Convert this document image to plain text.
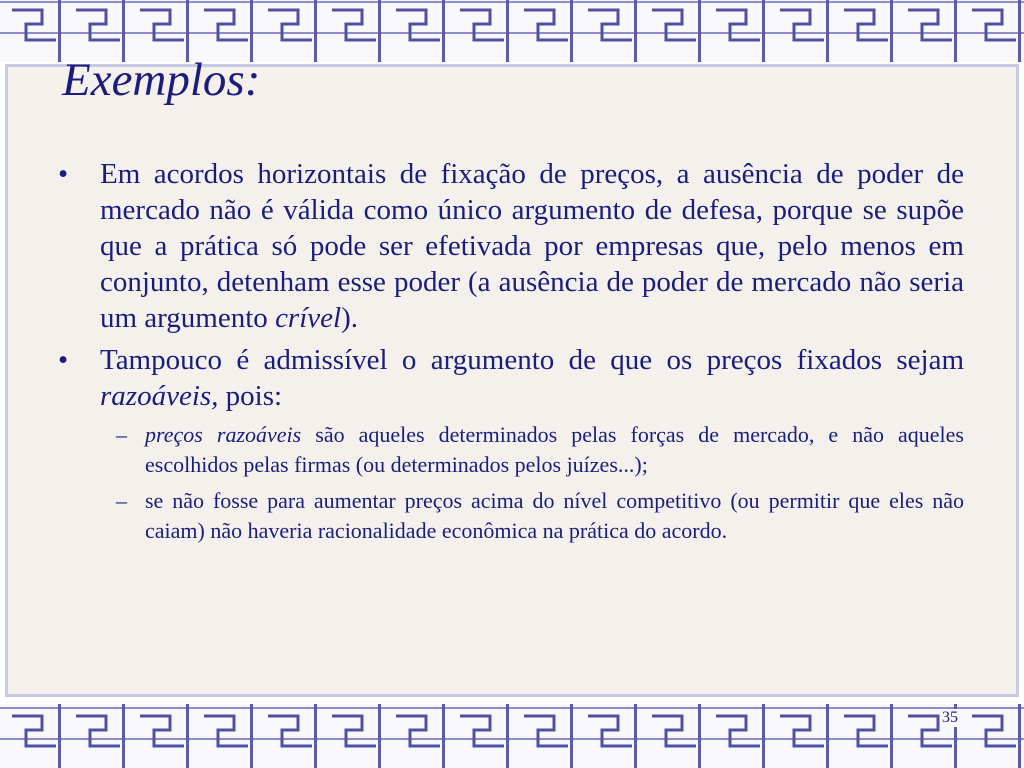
Exemplos:

• Em acordos horizontais de fixação de preços, a ausência de poder de mercado não é válida como único argumento de defesa, porque se supõe que a prática só pode ser efetivada por empresas que, pelo menos em conjunto, detenham esse poder (a ausência de poder de mercado não seria um argumento crível).

• Tampouco é admissível o argumento de que os preços fixados sejam razoáveis, pois:

– preços razoáveis são aqueles determinados pelas forças de mercado, e não aqueles escolhidos pelas firmas (ou determinados pelos juízes...);

– se não fosse para aumentar preços acima do nível competitivo (ou permitir que eles não caiam) não haveria racionalidade econômica na prática do acordo.

35
